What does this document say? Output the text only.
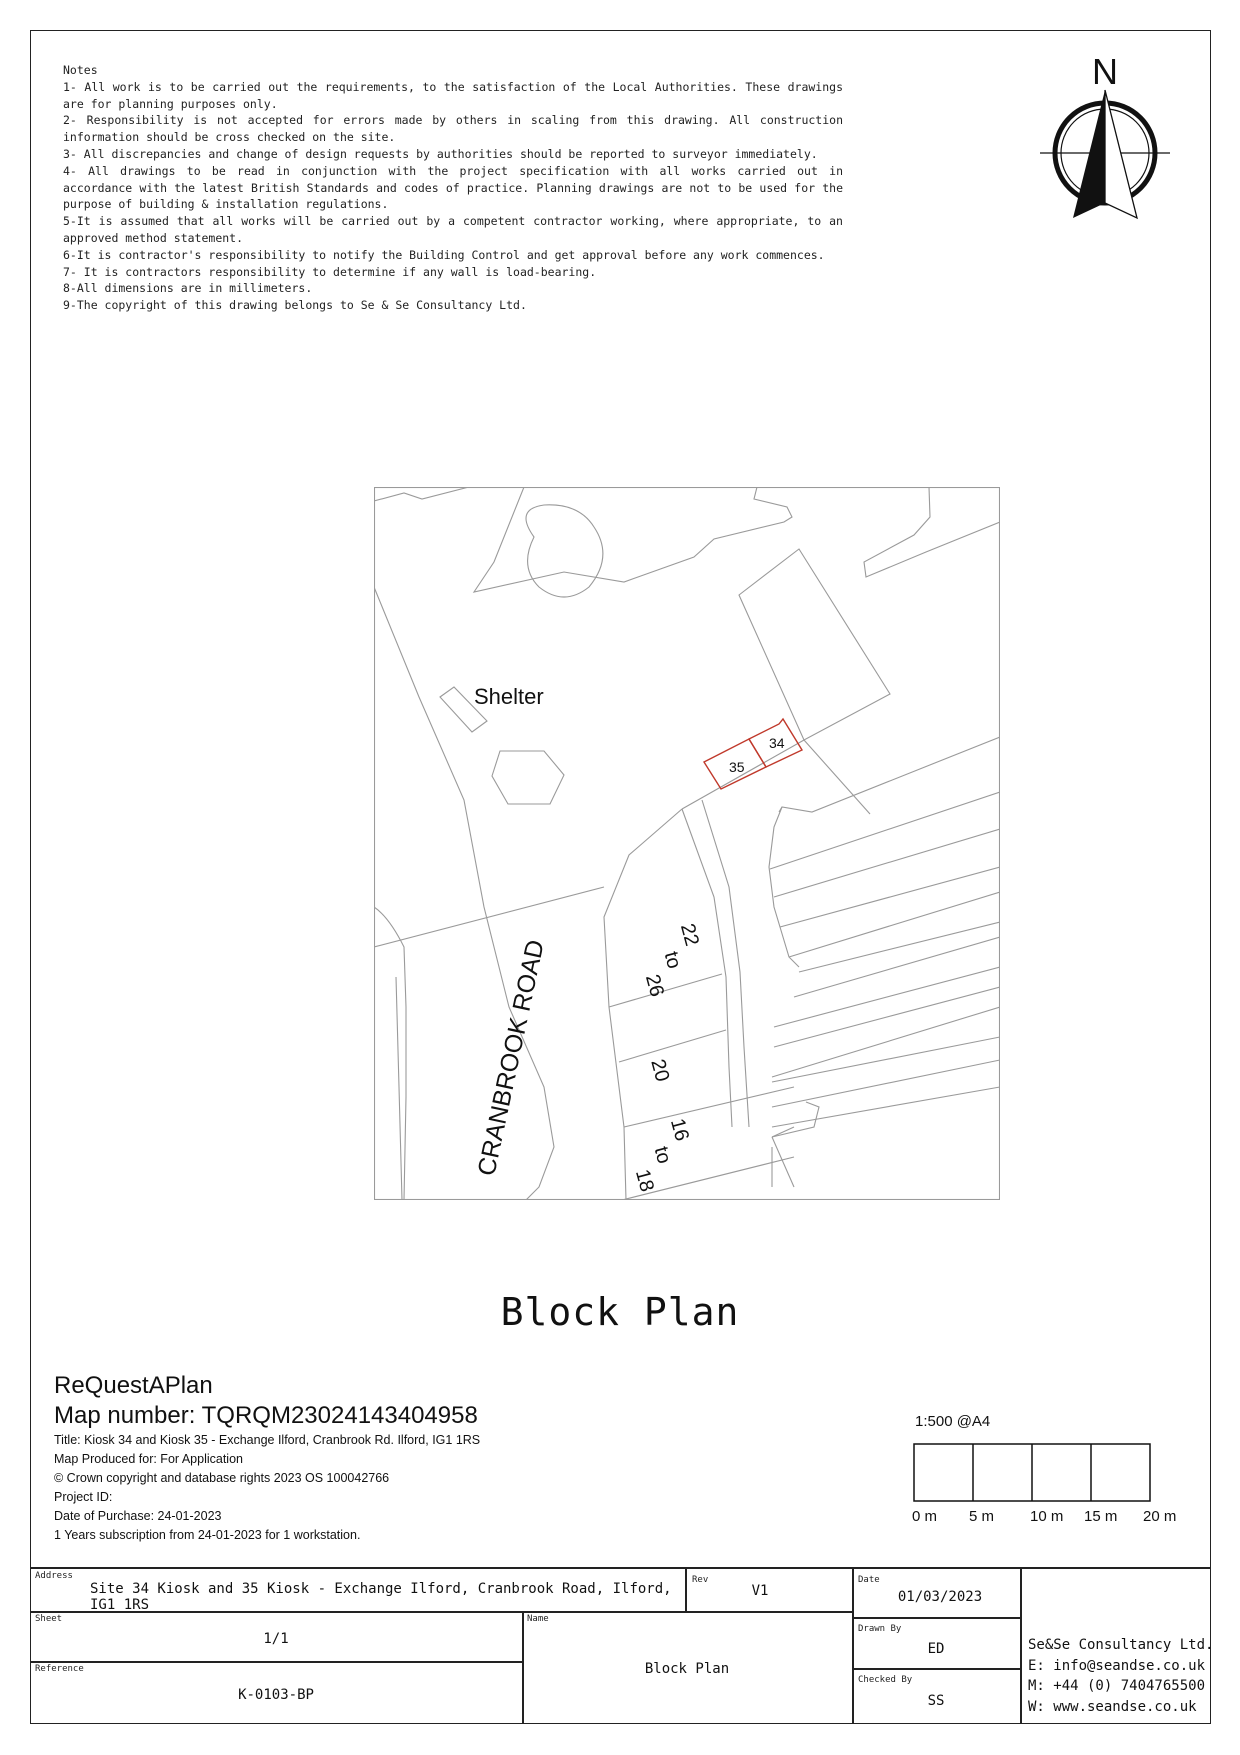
Notes
1- All work is to be carried out the requirements, to the satisfaction of the Local Authorities. These drawings are for planning purposes only.
2- Responsibility is not accepted for errors made by others in scaling from this drawing. All construction information should be cross checked on the site.
3- All discrepancies and change of design requests by authorities should be reported to surveyor immediately.
4- All drawings to be read in conjunction with the project specification with all works carried out in accordance with the latest British Standards and codes of practice. Planning drawings are not to be used for the purpose of building & installation regulations.
5-It is assumed that all works will be carried out by a competent contractor working, where appropriate, to an approved method statement.
6-It is contractor's responsibility to notify the Building Control and get approval before any work commences.
7- It is contractors responsibility to determine if any wall is load-bearing.
8-All dimensions are in millimeters.
9-The copyright of this drawing belongs to Se & Se Consultancy Ltd.
N
Shelter
CRANBROOK ROAD
34
35
22
to
26
20
16
to
18
Block Plan
ReQuestAPlan
Map number: TQRQM23024143404958
Title: Kiosk 34 and Kiosk 35 - Exchange Ilford, Cranbrook Rd. Ilford, IG1 1RS
Map Produced for: For Application
© Crown copyright and database rights 2023 OS 100042766
Project ID:
Date of Purchase: 24-01-2023
1 Years subscription from 24-01-2023 for 1 workstation.
1:500 @A4
0 m 5 m 10 m 15 m 20 m
Address
Site 34 Kiosk and 35 Kiosk - Exchange Ilford, Cranbrook Road, Ilford, IG1 1RS
Rev
V1
Date
01/03/2023
Sheet
1/1
Name
Block Plan
Drawn By
ED
Reference
K-0103-BP
Checked By
SS
Se&Se Consultancy Ltd.
E: info@seandse.co.uk
M: +44 (0) 7404765500
W: www.seandse.co.uk
